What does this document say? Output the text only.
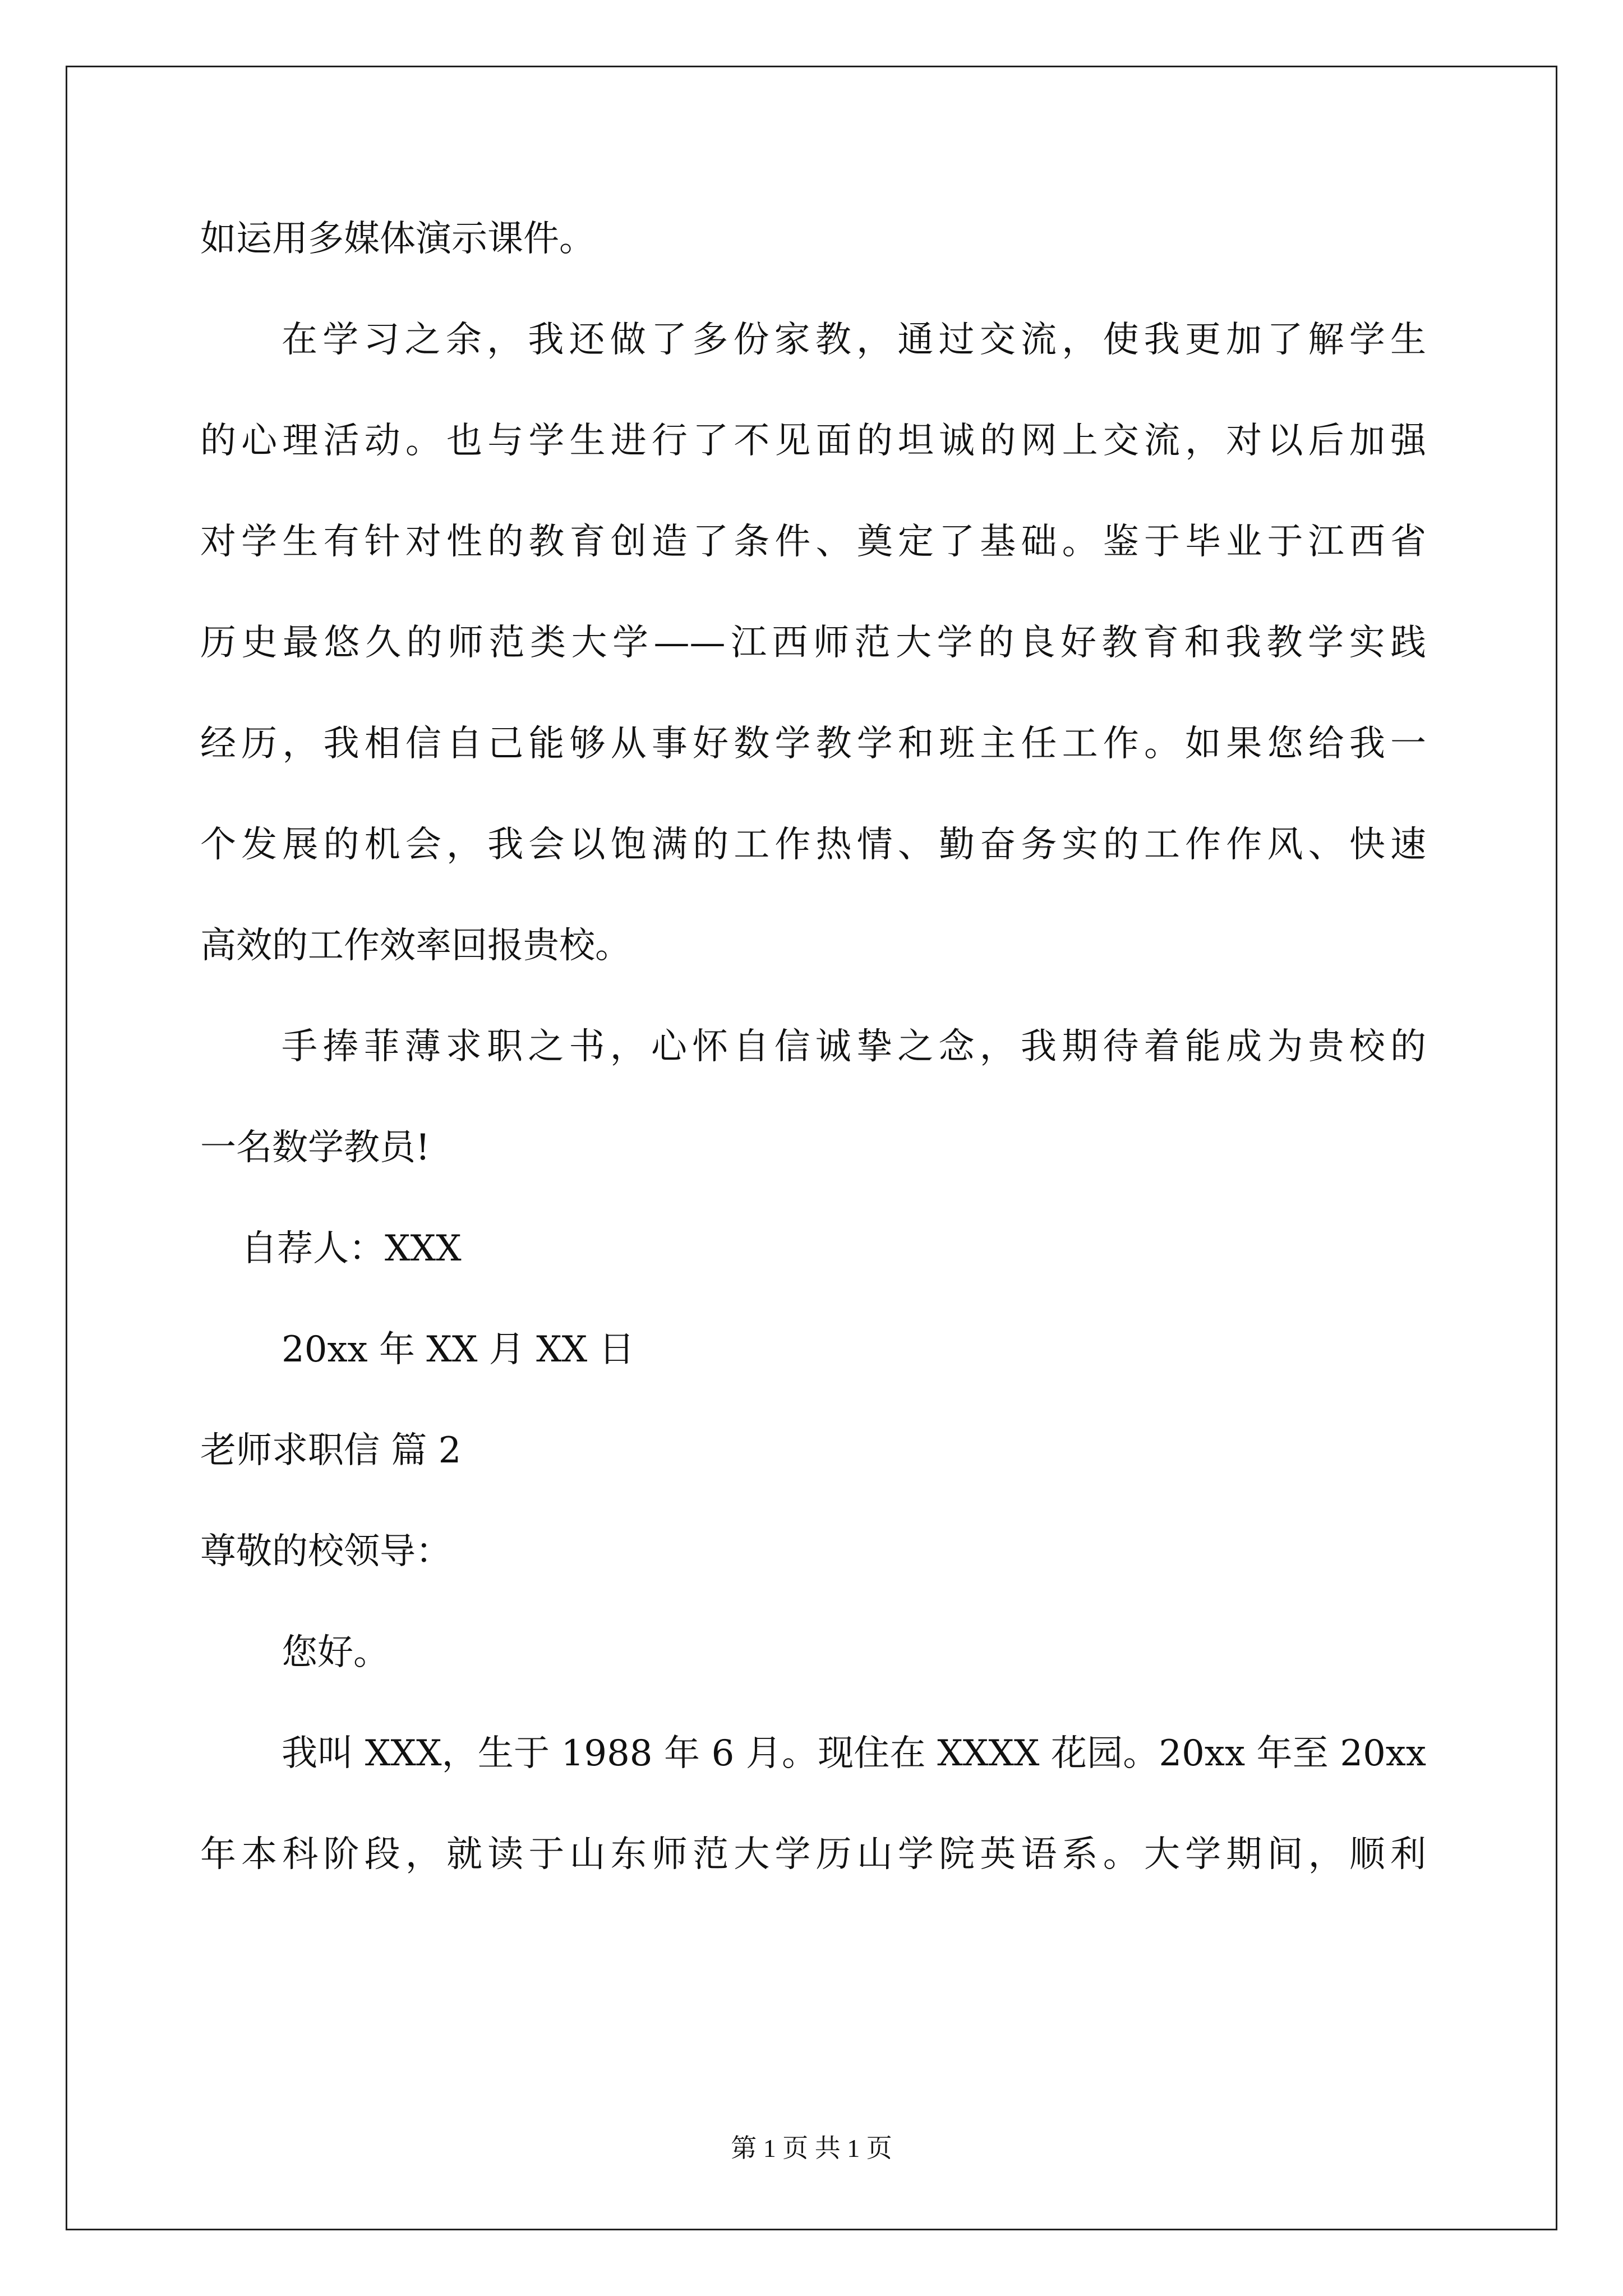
如运用多媒体演示课件。
在学习之余，我还做了多份家教，通过交流，使我更加了解学生
的心理活动。也与学生进行了不见面的坦诚的网上交流，对以后加强
对学生有针对性的教育创造了条件、奠定了基础。鉴于毕业于江西省
历史最悠久的师范类大学——江西师范大学的良好教育和我教学实践
经历，我相信自己能够从事好数学教学和班主任工作。如果您给我一
个发展的机会，我会以饱满的工作热情、勤奋务实的工作作风、快速
高效的工作效率回报贵校。
手捧菲薄求职之书，心怀自信诚挚之念，我期待着能成为贵校的
一名数学教员!
自荐人：XXX
20xx 年 XX 月 XX 日
老师求职信 篇 2
尊敬的校领导：
您好。
我叫 XXX，生于 1988 年 6 月。现住在 XXXX 花园。20xx 年至 20xx
年本科阶段，就读于山东师范大学历山学院英语系。大学期间，顺利
第 1 页 共 1 页
